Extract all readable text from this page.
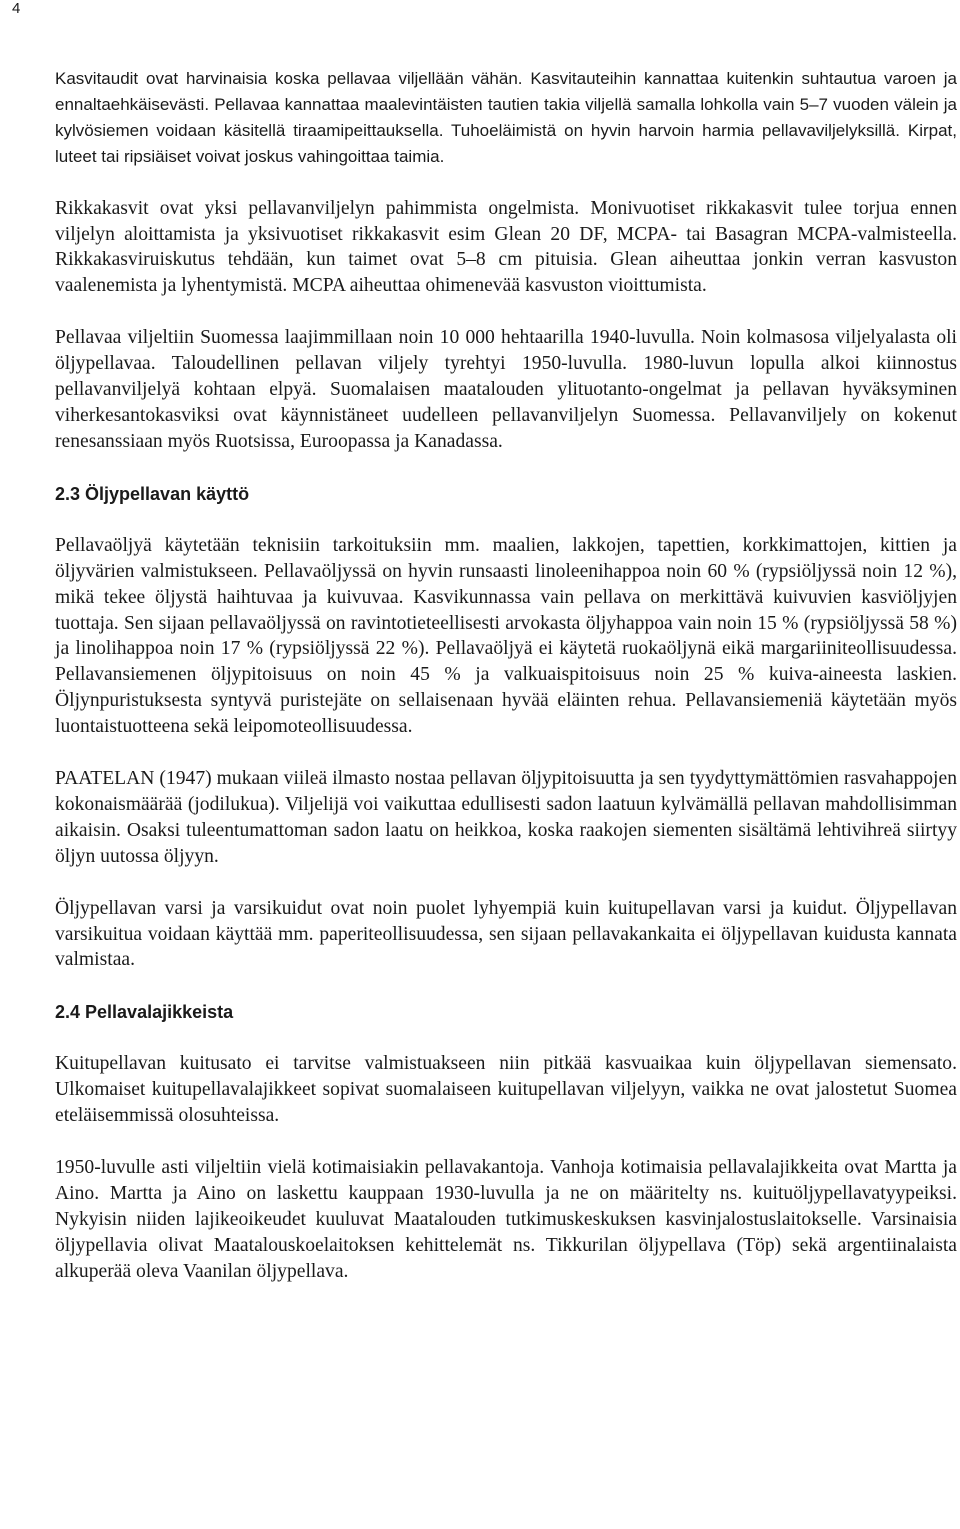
4

Kasvitaudit ovat harvinaisia koska pellavaa viljellään vähän. Kasvitauteihin kannattaa kuitenkin suhtautua varoen ja ennaltaehkäisevästi. Pellavaa kannattaa maalevintäisten tautien takia viljellä samalla lohkolla vain 5–7 vuoden välein ja kylvösiemen voidaan käsitellä tiraamipeittauksella. Tuhoeläimistä on hyvin harvoin harmia pellavaviljelyksillä. Kirpat, luteet tai ripsiäiset voivat joskus vahingoittaa taimia.

Rikkakasvit ovat yksi pellavanviljelyn pahimmista ongelmista. Monivuotiset rikkakasvit tulee torjua ennen viljelyn aloittamista ja yksivuotiset rikkakasvit esim Glean 20 DF, MCPA- tai Basagran MCPA-valmisteella. Rikkakasviruiskutus tehdään, kun taimet ovat 5–8 cm pituisia. Glean aiheuttaa jonkin verran kasvuston vaalenemista ja lyhentymistä. MCPA aiheuttaa ohimenevää kasvuston vioittumista.

Pellavaa viljeltiin Suomessa laajimmillaan noin 10 000 hehtaarilla 1940-luvulla. Noin kolmasosa viljelyalasta oli öljypellavaa. Taloudellinen pellavan viljely tyrehtyi 1950-luvulla. 1980-luvun lopulla alkoi kiinnostus pellavanviljelyä kohtaan elpyä. Suomalaisen maatalouden ylituotanto-ongelmat ja pellavan hyväksyminen viherkesantokasviksi ovat käynnistäneet uudelleen pellavanviljelyn Suomessa. Pellavanviljely on kokenut renesanssiaan myös Ruotsissa, Euroopassa ja Kanadassa.

2.3 Öljypellavan käyttö

Pellavaöljyä käytetään teknisiin tarkoituksiin mm. maalien, lakkojen, tapettien, korkkimattojen, kittien ja öljyvärien valmistukseen. Pellavaöljyssä on hyvin runsaasti linoleenihappoa noin 60 % (rypsiöljyssä noin 12 %), mikä tekee öljystä haihtuvaa ja kuivuvaa. Kasvikunnassa vain pellava on merkittävä kuivuvien kasviöljyjen tuottaja. Sen sijaan pellavaöljyssä on ravintotieteellisesti arvokasta öljyhappoa vain noin 15 % (rypsiöljyssä 58 %) ja linolihappoa noin 17 % (rypsiöljyssä 22 %). Pellavaöljyä ei käytetä ruokaöljynä eikä margariiniteollisuudessa. Pellavansiemenen öljypitoisuus on noin 45 % ja valkuaispitoisuus noin 25 % kuiva-aineesta laskien. Öljynpuristuksesta syntyvä puristejäte on sellaisenaan hyvää eläinten rehua. Pellavansiemeniä käytetään myös luontaistuotteena sekä leipomoteollisuudessa.

PAATELAN (1947) mukaan viileä ilmasto nostaa pellavan öljypitoisuutta ja sen tyydyttymättömien rasvahappojen kokonaismäärää (jodilukua). Viljelijä voi vaikuttaa edullisesti sadon laatuun kylvämällä pellavan mahdollisimman aikaisin. Osaksi tuleentumattoman sadon laatu on heikkoa, koska raakojen siementen sisältämä lehtivihreä siirtyy öljyn uutossa öljyyn.

Öljypellavan varsi ja varsikuidut ovat noin puolet lyhyempiä kuin kuitupellavan varsi ja kuidut. Öljypellavan varsikuitua voidaan käyttää mm. paperiteollisuudessa, sen sijaan pellavakankaita ei öljypellavan kuidusta kannata valmistaa.

2.4 Pellavalajikkeista

Kuitupellavan kuitusato ei tarvitse valmistuakseen niin pitkää kasvuaikaa kuin öljypellavan siemensato. Ulkomaiset kuitupellavalajikkeet sopivat suomalaiseen kuitupellavan viljelyyn, vaikka ne ovat jalostetut Suomea eteläisemmissä olosuhteissa.

1950-luvulle asti viljeltiin vielä kotimaisiakin pellavakantoja. Vanhoja kotimaisia pellavalajikkeita ovat Martta ja Aino. Martta ja Aino on laskettu kauppaan 1930-luvulla ja ne on määritelty ns. kuituöljypellavatyypeiksi. Nykyisin niiden lajikeoikeudet kuuluvat Maatalouden tutkimuskeskuksen kasvinjalostuslaitokselle. Varsinaisia öljypellavia olivat Maatalouskoelaitoksen kehittelemät ns. Tikkurilan öljypellava (Töp) sekä argentiinalaista alkuperää oleva Vaanilan öljypellava.
